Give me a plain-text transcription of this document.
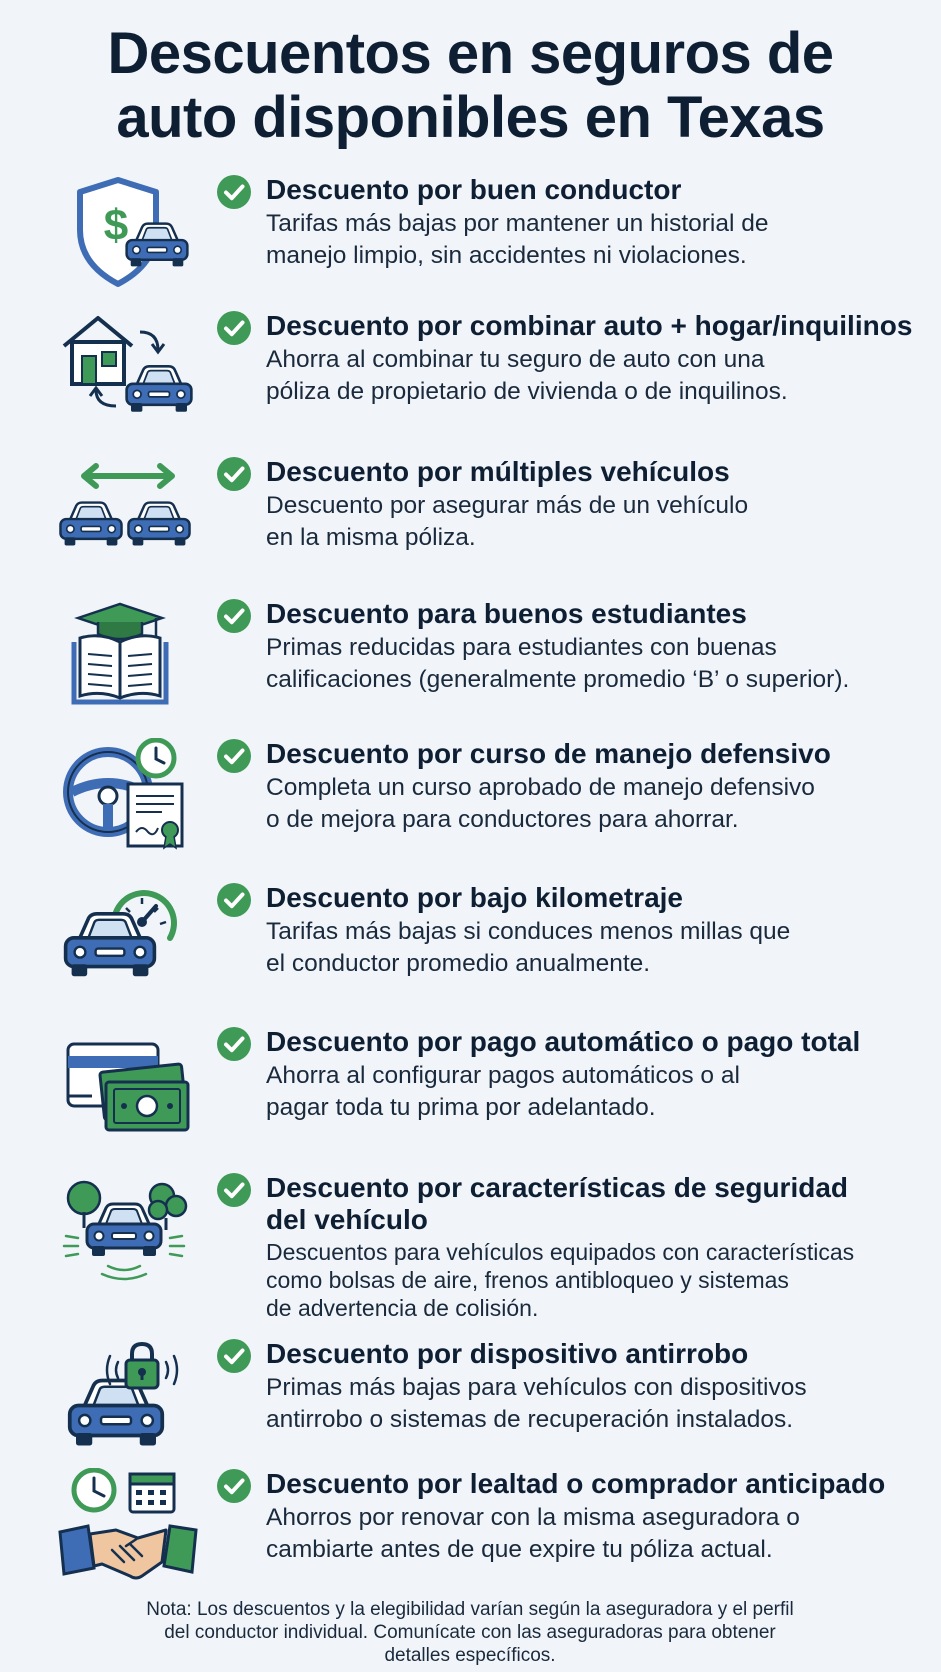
Descuentos en seguros de
auto disponibles en Texas
$
Descuento por buen conductor
Tarifas más bajas por mantener un historial de
manejo limpio, sin accidentes ni violaciones.
Descuento por combinar auto + hogar/inquilinos
Ahorra al combinar tu seguro de auto con una
póliza de propietario de vivienda o de inquilinos.
Descuento por múltiples vehículos
Descuento por asegurar más de un vehículo
en la misma póliza.
Descuento para buenos estudiantes
Primas reducidas para estudiantes con buenas
calificaciones (generalmente promedio ‘B’ o superior).
Descuento por curso de manejo defensivo
Completa un curso aprobado de manejo defensivo
o de mejora para conductores para ahorrar.
Descuento por bajo kilometraje
Tarifas más bajas si conduces menos millas que
el conductor promedio anualmente.
Descuento por pago automático o pago total
Ahorra al configurar pagos automáticos o al
pagar toda tu prima por adelantado.
Descuento por características de seguridad
del vehículo
Descuentos para vehículos equipados con características
como bolsas de aire, frenos antibloqueo y sistemas
de advertencia de colisión.
Descuento por dispositivo antirrobo
Primas más bajas para vehículos con dispositivos
antirrobo o sistemas de recuperación instalados.
Descuento por lealtad o comprador anticipado
Ahorros por renovar con la misma aseguradora o
cambiarte antes de que expire tu póliza actual.
Nota: Los descuentos y la elegibilidad varían según la aseguradora y el perfil
del conductor individual. Comunícate con las aseguradoras para obtener
detalles específicos.
